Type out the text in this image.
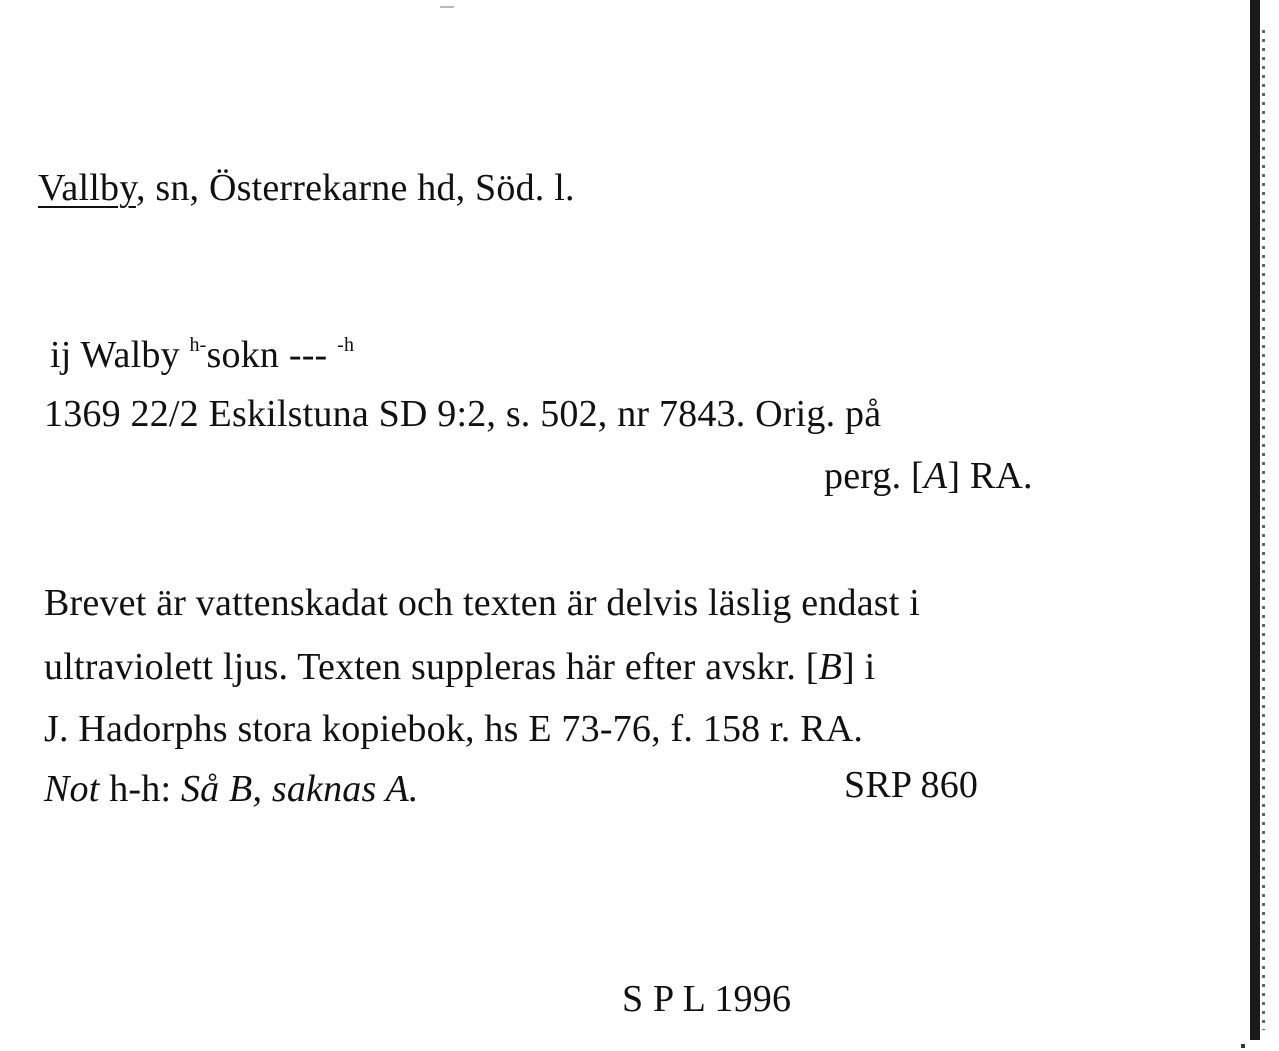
Vallby, sn, Österrekarne hd, Söd. l.
ij Walby $^{h-}$sokn --- $^{-h}$
1369 22/2 Eskilstuna SD 9:2, s. 502, nr 7843. Orig. på
perg. [A] RA.
Brevet är vattenskadat och texten är delvis läslig endast i
ultraviolett ljus. Texten suppleras här efter avskr. [B] i
J. Hadorphs stora kopiebok, hs E 73-76, f. 158 r. RA.
Not h-h: Så B, saknas A.	SRP 860
S P L 1996
